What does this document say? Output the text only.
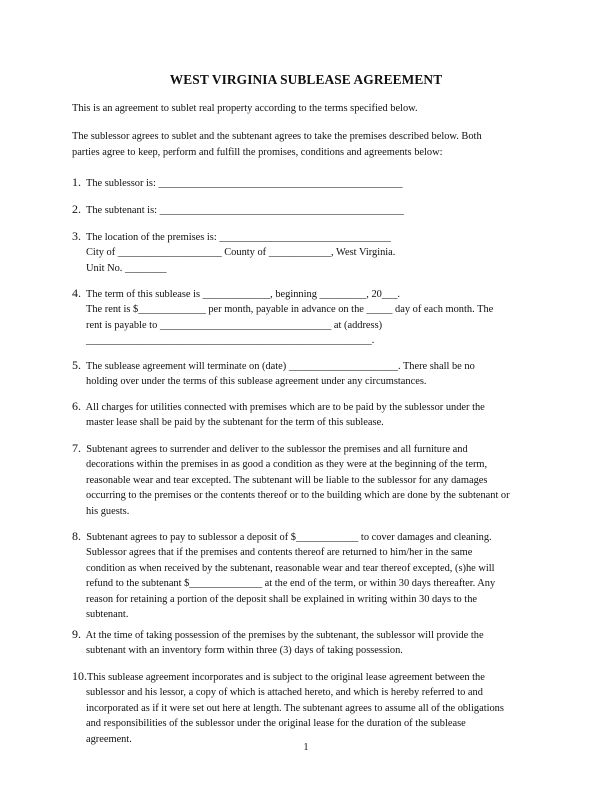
WEST VIRGINIA SUBLEASE AGREEMENT
This is an agreement to sublet real property according to the terms specified below.
The sublessor agrees to sublet and the subtenant agrees to take the premises described below. Both
parties agree to keep, perform and fulfill the promises, conditions and agreements below:
1. The sublessor is: _______________________________________________
2. The subtenant is: _______________________________________________
3. The location of the premises is: _________________________________
City of ____________________ County of ____________, West Virginia.
Unit No. ________
4. The term of this sublease is _____________, beginning _________, 20___.
The rent is $_____________ per month, payable in advance on the _____ day of each month. The
rent is payable to _________________________________ at (address)
_______________________________________________________.
5. The sublease agreement will terminate on (date) _____________________. There shall be no
holding over under the terms of this sublease agreement under any circumstances.
6. All charges for utilities connected with premises which are to be paid by the sublessor under the
master lease shall be paid by the subtenant for the term of this sublease.
7. Subtenant agrees to surrender and deliver to the sublessor the premises and all furniture and
decorations within the premises in as good a condition as they were at the beginning of the term,
reasonable wear and tear excepted. The subtenant will be liable to the sublessor for any damages
occurring to the premises or the contents thereof or to the building which are done by the subtenant or
his guests.
8. Subtenant agrees to pay to sublessor a deposit of $____________ to cover damages and cleaning.
Sublessor agrees that if the premises and contents thereof are returned to him/her in the same
condition as when received by the subtenant, reasonable wear and tear thereof excepted, (s)he will
refund to the subtenant $______________ at the end of the term, or within 30 days thereafter. Any
reason for retaining a portion of the deposit shall be explained in writing within 30 days to the
subtenant.
9. At the time of taking possession of the premises by the subtenant, the sublessor will provide the
subtenant with an inventory form within three (3) days of taking possession.
10.This sublease agreement incorporates and is subject to the original lease agreement between the
sublessor and his lessor, a copy of which is attached hereto, and which is hereby referred to and
incorporated as if it were set out here at length. The subtenant agrees to assume all of the obligations
and responsibilities of the sublessor under the original lease for the duration of the sublease
agreement.
1
